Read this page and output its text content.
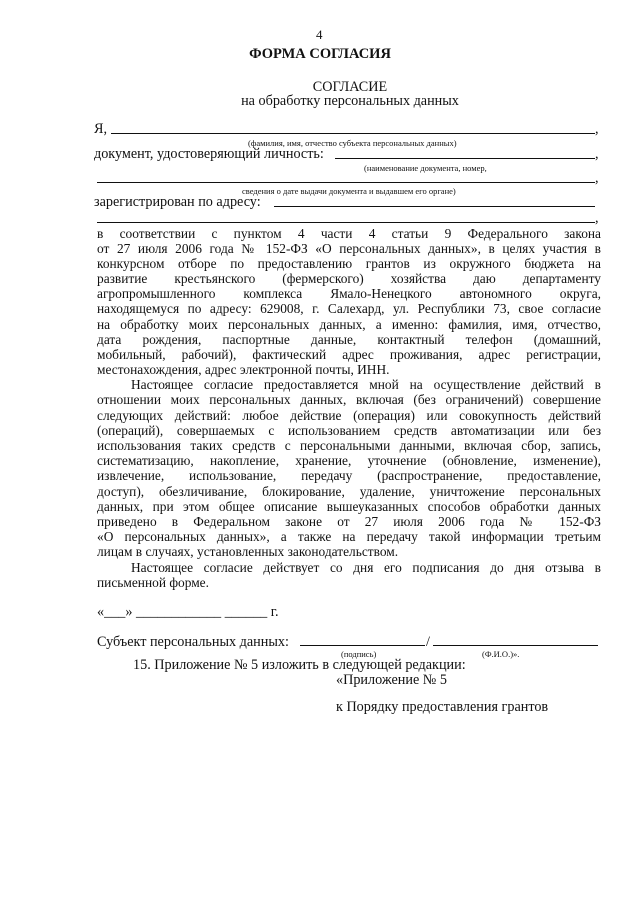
4
ФОРМА СОГЛАСИЯ
СОГЛАСИЕ
на обработку персональных данных
Я,	,
(фамилия, имя, отчество субъекта персональных данных)
документ, удостоверяющий личность:	,
(наименование документа, номер,
,
сведения о дате выдачи документа и выдавшем его органе)
зарегистрирован по адресу:
,

в соответствии с пунктом 4 части 4 статьи 9 Федерального закона

от 27 июля 2006 года № 152-ФЗ «О персональных данных», в целях участия в

конкурсном отборе по предоставлению грантов из окружного бюджета на

развитие крестьянского (фермерского) хозяйства даю департаменту

агропромышленного комплекса Ямало-Ненецкого автономного округа,

находящемуся по адресу: 629008, г. Салехард, ул. Республики 73, свое согласие

на обработку моих персональных данных, а именно: фамилия, имя, отчество,

дата рождения, паспортные данные, контактный телефон (домашний,

мобильный, рабочий), фактический адрес проживания, адрес регистрации,

местонахождения, адрес электронной почты, ИНН.

Настоящее согласие предоставляется мной на осуществление действий в

отношении моих персональных данных, включая (без ограничений) совершение

следующих действий: любое действие (операция) или совокупность действий

(операций), совершаемых с использованием средств автоматизации или без

использования таких средств с персональными данными, включая сбор, запись,

систематизацию, накопление, хранение, уточнение (обновление, изменение),

извлечение, использование, передачу (распространение, предоставление,

доступ), обезличивание, блокирование, удаление, уничтожение персональных

данных, при этом общее описание вышеуказанных способов обработки данных

приведено в Федеральном законе от 27 июля 2006 года № 152-ФЗ

«О персональных данных», а также на передачу такой информации третьим

лицам в случаях, установленных законодательством.

Настоящее согласие действует со дня его подписания до дня отзыва в

письменной форме.

«___» ____________ ______ г.
Субъект персональных данных:	/
(подпись)	(Ф.И.О.)».
15. Приложение № 5 изложить в следующей редакции:
«Приложение № 5
к Порядку предоставления грантов
